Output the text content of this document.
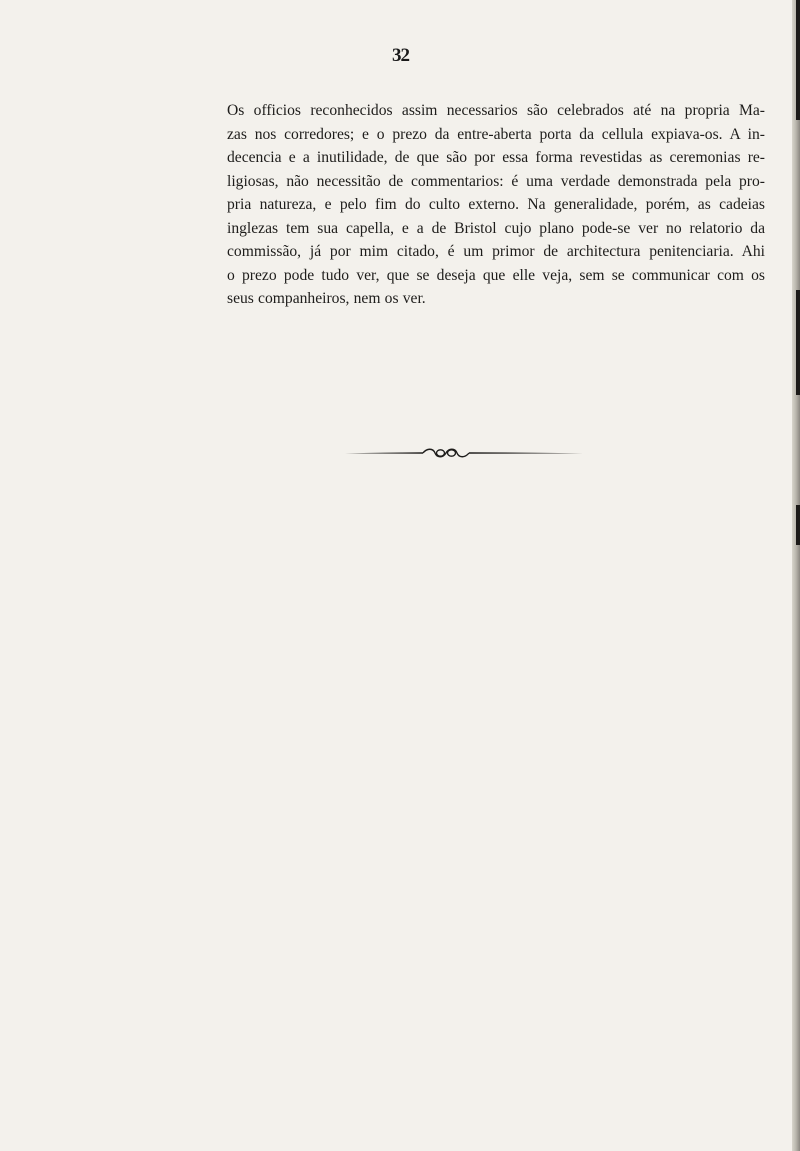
32

Os officios reconhecidos assim necessarios são celebrados até na propria Ma-
zas nos corredores; e o prezo da entre-aberta porta da cellula expiava-os. A in-
decencia e a inutilidade, de que são por essa forma revestidas as ceremonias re-
ligiosas, não necessitão de commentarios: é uma verdade demonstrada pela pro-
pria natureza, e pelo fim do culto externo. Na generalidade, porém, as cadeias
inglezas tem sua capella, e a de Bristol cujo plano pode-se ver no relatorio da
commissão, já por mim citado, é um primor de architectura penitenciaria. Ahi
o prezo pode tudo ver, que se deseja que elle veja, sem se communicar com os
seus companheiros, nem os ver.
